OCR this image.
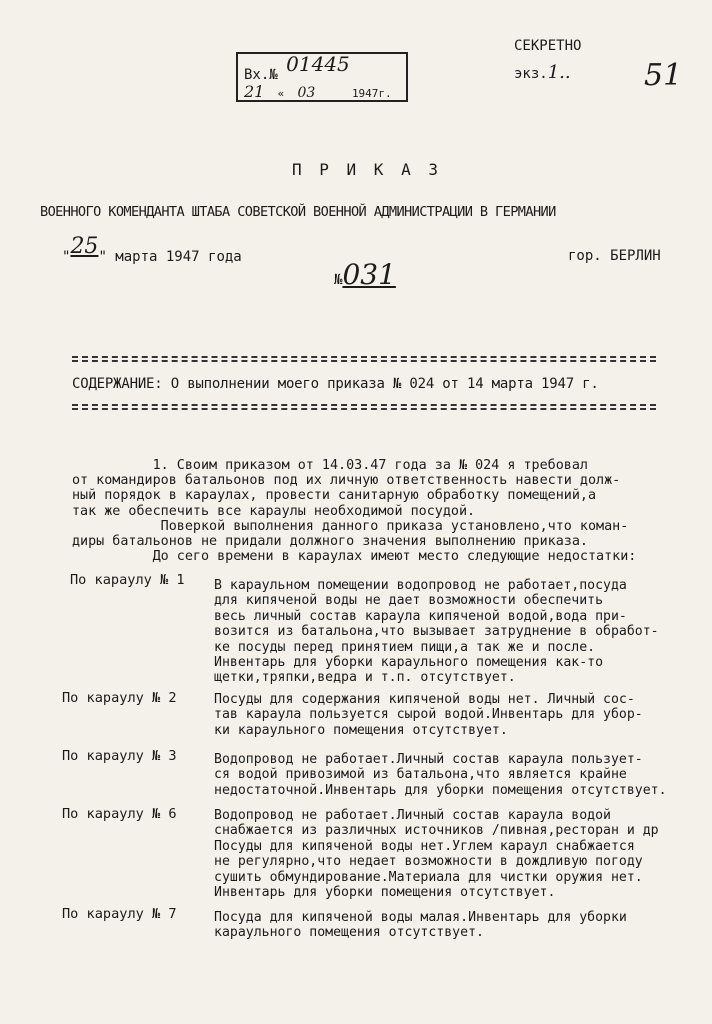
СЕКРЕТНО
экз.1.. 51
Вх.№ 01445
21  «  03	1947г.
П Р И К А З
ВОЕННОГО КОМЕНДАНТА ШТАБА СОВЕТСКОЙ ВОЕННОЙ АДМИНИСТРАЦИИ В ГЕРМАНИИ
"25" марта 1947 года
№031
гор. БЕРЛИН
СОДЕРЖАНИЕ: О выполнении моего приказа № 024 от 14 марта 1947 г.
1. Своим приказом от 14.03.47 года за № 024 я требовал
от командиров батальонов под их личную ответственность навести долж-
ный порядок в караулах, провести санитарную обработку помещений,а
так же обеспечить все караулы необходимой посудой.
Поверкой выполнения данного приказа установлено,что коман-
диры батальонов не придали должного значения выполнению приказа.
До сего времени в караулах имеют место следующие недостатки:
По караулу № 1 В караульном помещении водопровод не работает,посуда
для кипяченой воды не дает возможности обеспечить
весь личный состав караула кипяченой водой,вода при-
возится из батальона,что вызывает затруднение в обработ-
ке посуды перед принятием пищи,а так же и после.
Инвентарь для уборки караульного помещения как-то
щетки,тряпки,ведра и т.п. отсутствует.
По караулу № 2	Посуды для содержания кипяченой воды нет. Личный сос-
тав караула пользуется сырой водой.Инвентарь для убор-
ки караульного помещения отсутствует.
По караулу № 3	Водопровод не работает.Личный состав караула пользует-
ся водой привозимой из батальона,что является крайне
недостаточной.Инвентарь для уборки помещения отсутствует.
По караулу № 6	Водопровод не работает.Личный состав караула водой
снабжается из различных источников /пивная,ресторан и др
Посуды для кипяченой воды нет.Углем караул снабжается
не регулярно,что недает возможности в дождливую погоду
сушить обмундирование.Материала для чистки оружия нет.
Инвентарь для уборки помещения отсутствует.
По караулу № 7	Посуда для кипяченой воды малая.Инвентарь для уборки
караульного помещения отсутствует.
